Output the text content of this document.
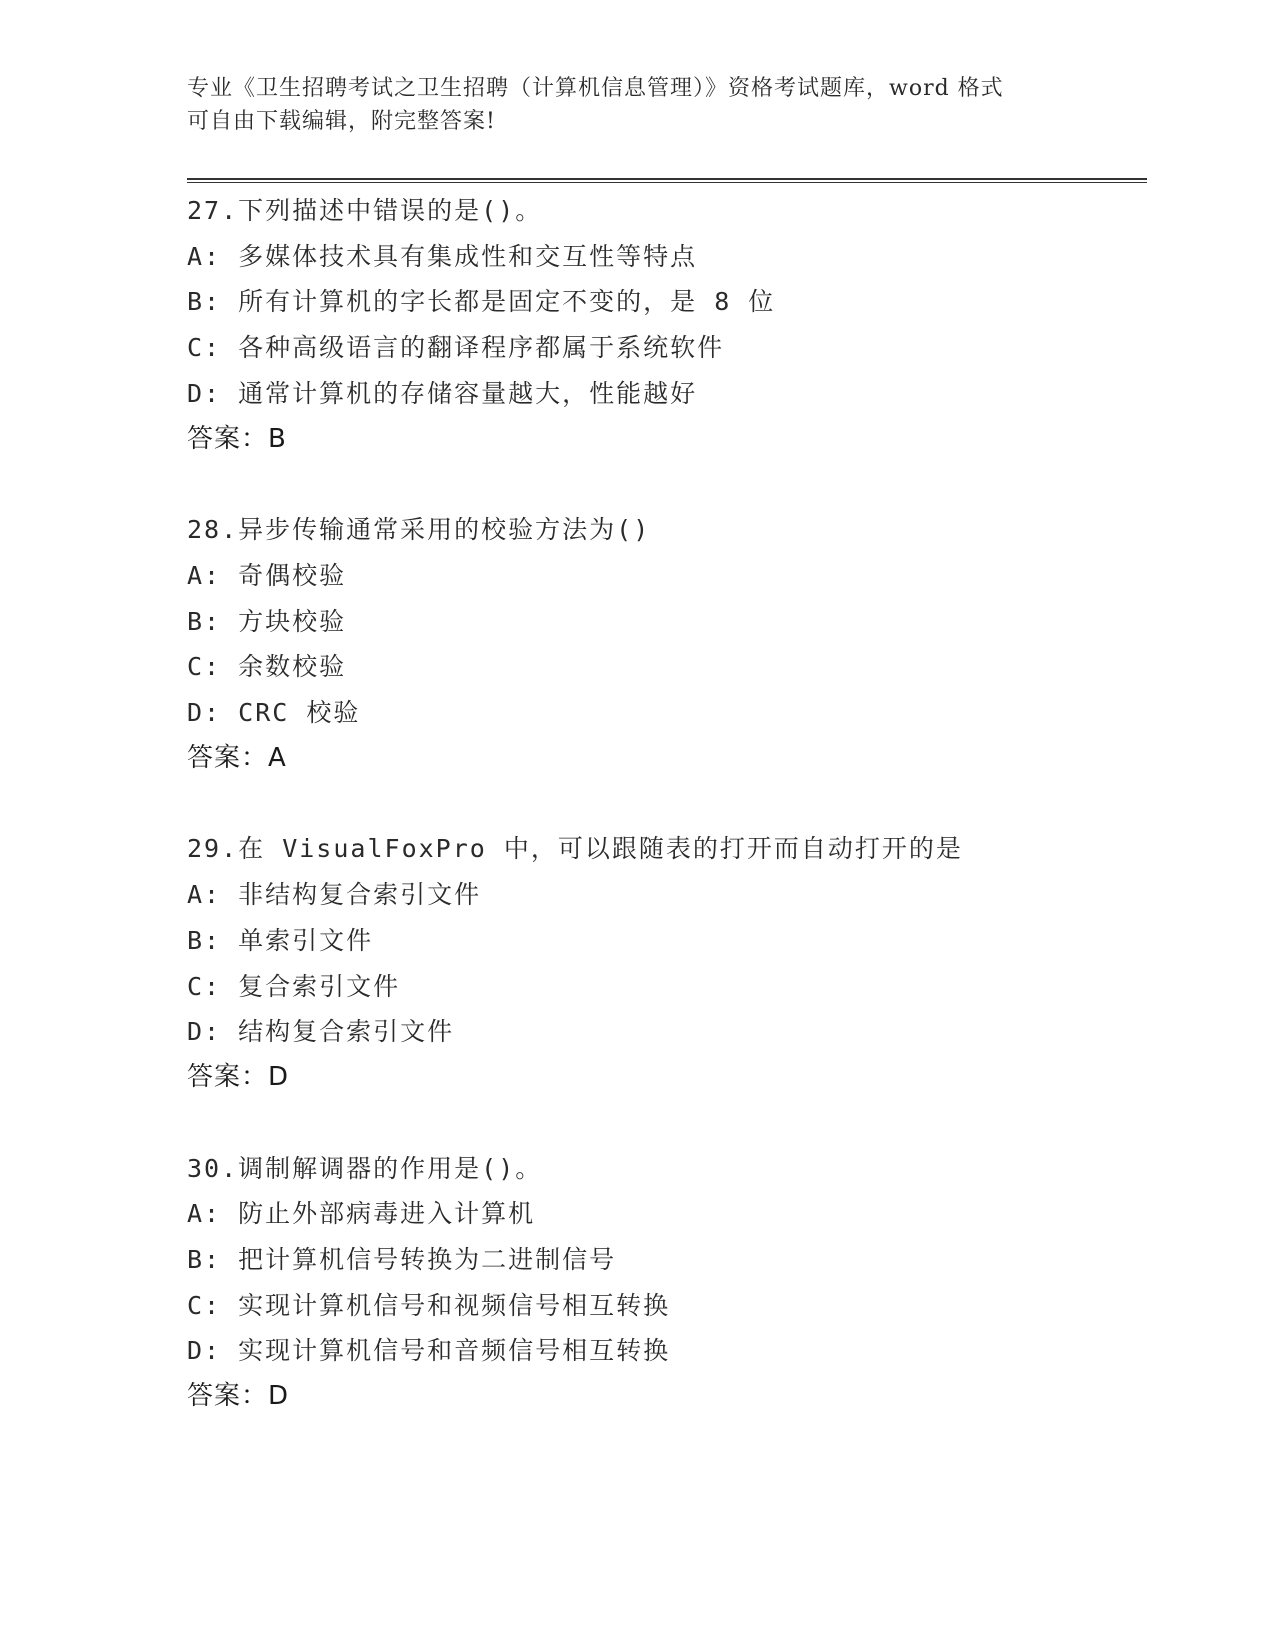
专业《卫生招聘考试之卫生招聘（计算机信息管理）》资格考试题库，word 格式
可自由下载编辑，附完整答案!
27.下列描述中错误的是()。
A: 多媒体技术具有集成性和交互性等特点
B: 所有计算机的字长都是固定不变的，是 8 位
C: 各种高级语言的翻译程序都属于系统软件
D: 通常计算机的存储容量越大，性能越好
答案：B
28.异步传输通常采用的校验方法为()
A: 奇偶校验
B: 方块校验
C: 余数校验
D: CRC 校验
答案：A
29.在 VisualFoxPro 中，可以跟随表的打开而自动打开的是
A: 非结构复合索引文件
B: 单索引文件
C: 复合索引文件
D: 结构复合索引文件
答案：D
30.调制解调器的作用是()。
A: 防止外部病毒进入计算机
B: 把计算机信号转换为二进制信号
C: 实现计算机信号和视频信号相互转换
D: 实现计算机信号和音频信号相互转换
答案：D
